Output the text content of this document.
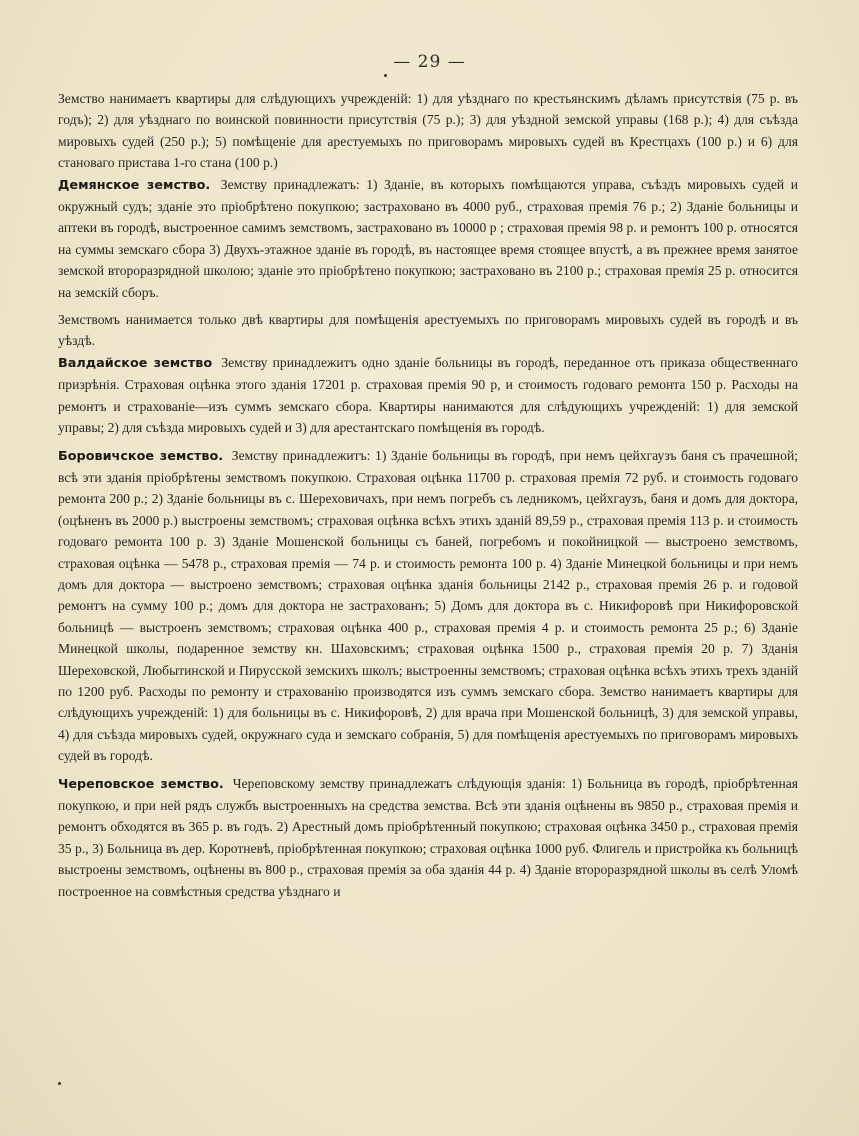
— 29 —

Земство нанимаетъ квартиры для слѣдующихъ учрежденій: 1) для уѣзднаго по крестьянскимъ дѣламъ присутствія (75 р. въ годъ); 2) для уѣзднаго по воинской повинности присутствія (75 р.); 3) для уѣздной земской управы (168 р.); 4) для съѣзда мировыхъ судей (250 р.); 5) помѣщеніе для арестуемыхъ по приговорамъ мировыхъ судей въ Крестцахъ (100 р.) и 6) для становаго пристава 1-го стана (100 р.)

Демянское земство. Земству принадлежатъ: 1) Зданіе, въ которыхъ помѣщаются управа, съѣздъ мировыхъ судей и окружный судъ; зданіе это пріобрѣтено покупкою; застраховано въ 4000 руб., страховая премія 76 р.; 2) Зданіе больницы и аптеки въ городѣ, выстроенное самимъ земствомъ, застраховано въ 10000 р ; страховая премія 98 р. и ремонтъ 100 р. относятся на суммы земскаго сбора 3) Двухъ-этажное зданіе въ городѣ, въ настоящее время стоящее впустѣ, а въ прежнее время занятое земской второразрядной школою; зданіе это пріобрѣтено покупкою; застраховано въ 2100 р.; страховая премія 25 р. относится на земскій сборъ.

Земствомъ нанимается только двѣ квартиры для помѣщенія арестуемыхъ по приговорамъ мировыхъ судей въ городѣ и въ уѣздѣ.

Валдайское земство Земству принадлежитъ одно зданіе больницы въ городѣ, переданное отъ приказа общественнаго призрѣнія. Страховая оцѣнка этого зданія 17201 р. страховая премія 90 р, и стоимость годоваго ремонта 150 р. Расходы на ремонтъ и страхованіе—изъ суммъ земскаго сбора. Квартиры нанимаются для слѣдующихъ учрежденій: 1) для земской управы; 2) для съѣзда мировыхъ судей и 3) для арестантскаго помѣщенія въ городѣ.

Боровичское земство. Земству принадлежитъ: 1) Зданіе больницы въ городѣ, при немъ цейхгаузъ баня съ прачешной; всѣ эти зданія пріобрѣтены земствомъ покупкою. Страховая оцѣнка 11700 р. страховая премія 72 руб. и стоимость годоваго ремонта 200 р.; 2) Зданіе больницы въ с. Шереховичахъ, при немъ погребъ съ ледникомъ, цейхгаузъ, баня и домъ для доктора, (оцѣненъ въ 2000 р.) выстроены земствомъ; страховая оцѣнка всѣхъ этихъ зданій 89,59 р., страховая премія 113 р. и стоимость годоваго ремонта 100 р. 3) Зданіе Мошенской больницы съ баней, погребомъ и покойницкой — выстроено земствомъ, страховая оцѣнка — 5478 р., страховая премія — 74 р. и стоимость ремонта 100 р. 4) Зданіе Минецкой больницы и при немъ домъ для доктора — выстроено земствомъ; страховая оцѣнка зданія больницы 2142 р., страховая премія 26 р. и годовой ремонтъ на сумму 100 р.; домъ для доктора не застрахованъ; 5) Домъ для доктора въ с. Никифоровѣ при Никифоровской больницѣ — выстроенъ земствомъ; страховая оцѣнка 400 р., страховая премія 4 р. и стоимость ремонта 25 р.; 6) Зданіе Минецкой школы, подаренное земству кн. Шаховскимъ; страховая оцѣнка 1500 р., страховая премія 20 р. 7) Зданія Шереховской, Любытинской и Пирусской земскихъ школъ; выстроенны земствомъ; страховая оцѣнка всѣхъ этихъ трехъ зданій по 1200 руб. Расходы по ремонту и страхованію производятся изъ суммъ земскаго сбора. Земство нанимаетъ квартиры для слѣдующихъ учрежденій: 1) для больницы въ с. Никифоровѣ, 2) для врача при Мошенской больницѣ, 3) для земской управы, 4) для съѣзда мировыхъ судей, окружнаго суда и земскаго собранія, 5) для помѣщенія арестуемыхъ по приговорамъ мировыхъ судей въ городѣ.

Череповское земство. Череповскому земству принадлежатъ слѣдующія зданія: 1) Больница въ городѣ, пріобрѣтенная покупкою, и при ней рядъ службъ выстроенныхъ на средства земства. Всѣ эти зданія оцѣнены въ 9850 р., страховая премія и ремонтъ обходятся въ 365 р. въ годъ. 2) Арестный домъ пріобрѣтенный покупкою; страховая оцѣнка 3450 р., страховая премія 35 р., 3) Больница въ дер. Коротневѣ, пріобрѣтенная покупкою; страховая оцѣнка 1000 руб. Флигель и пристройка къ больницѣ выстроены земствомъ, оцѣнены въ 800 р., страховая премія за оба зданія 44 р. 4) Зданіе второразрядной школы въ селѣ Уломѣ построенное на совмѣстныя средства уѣзднаго и
